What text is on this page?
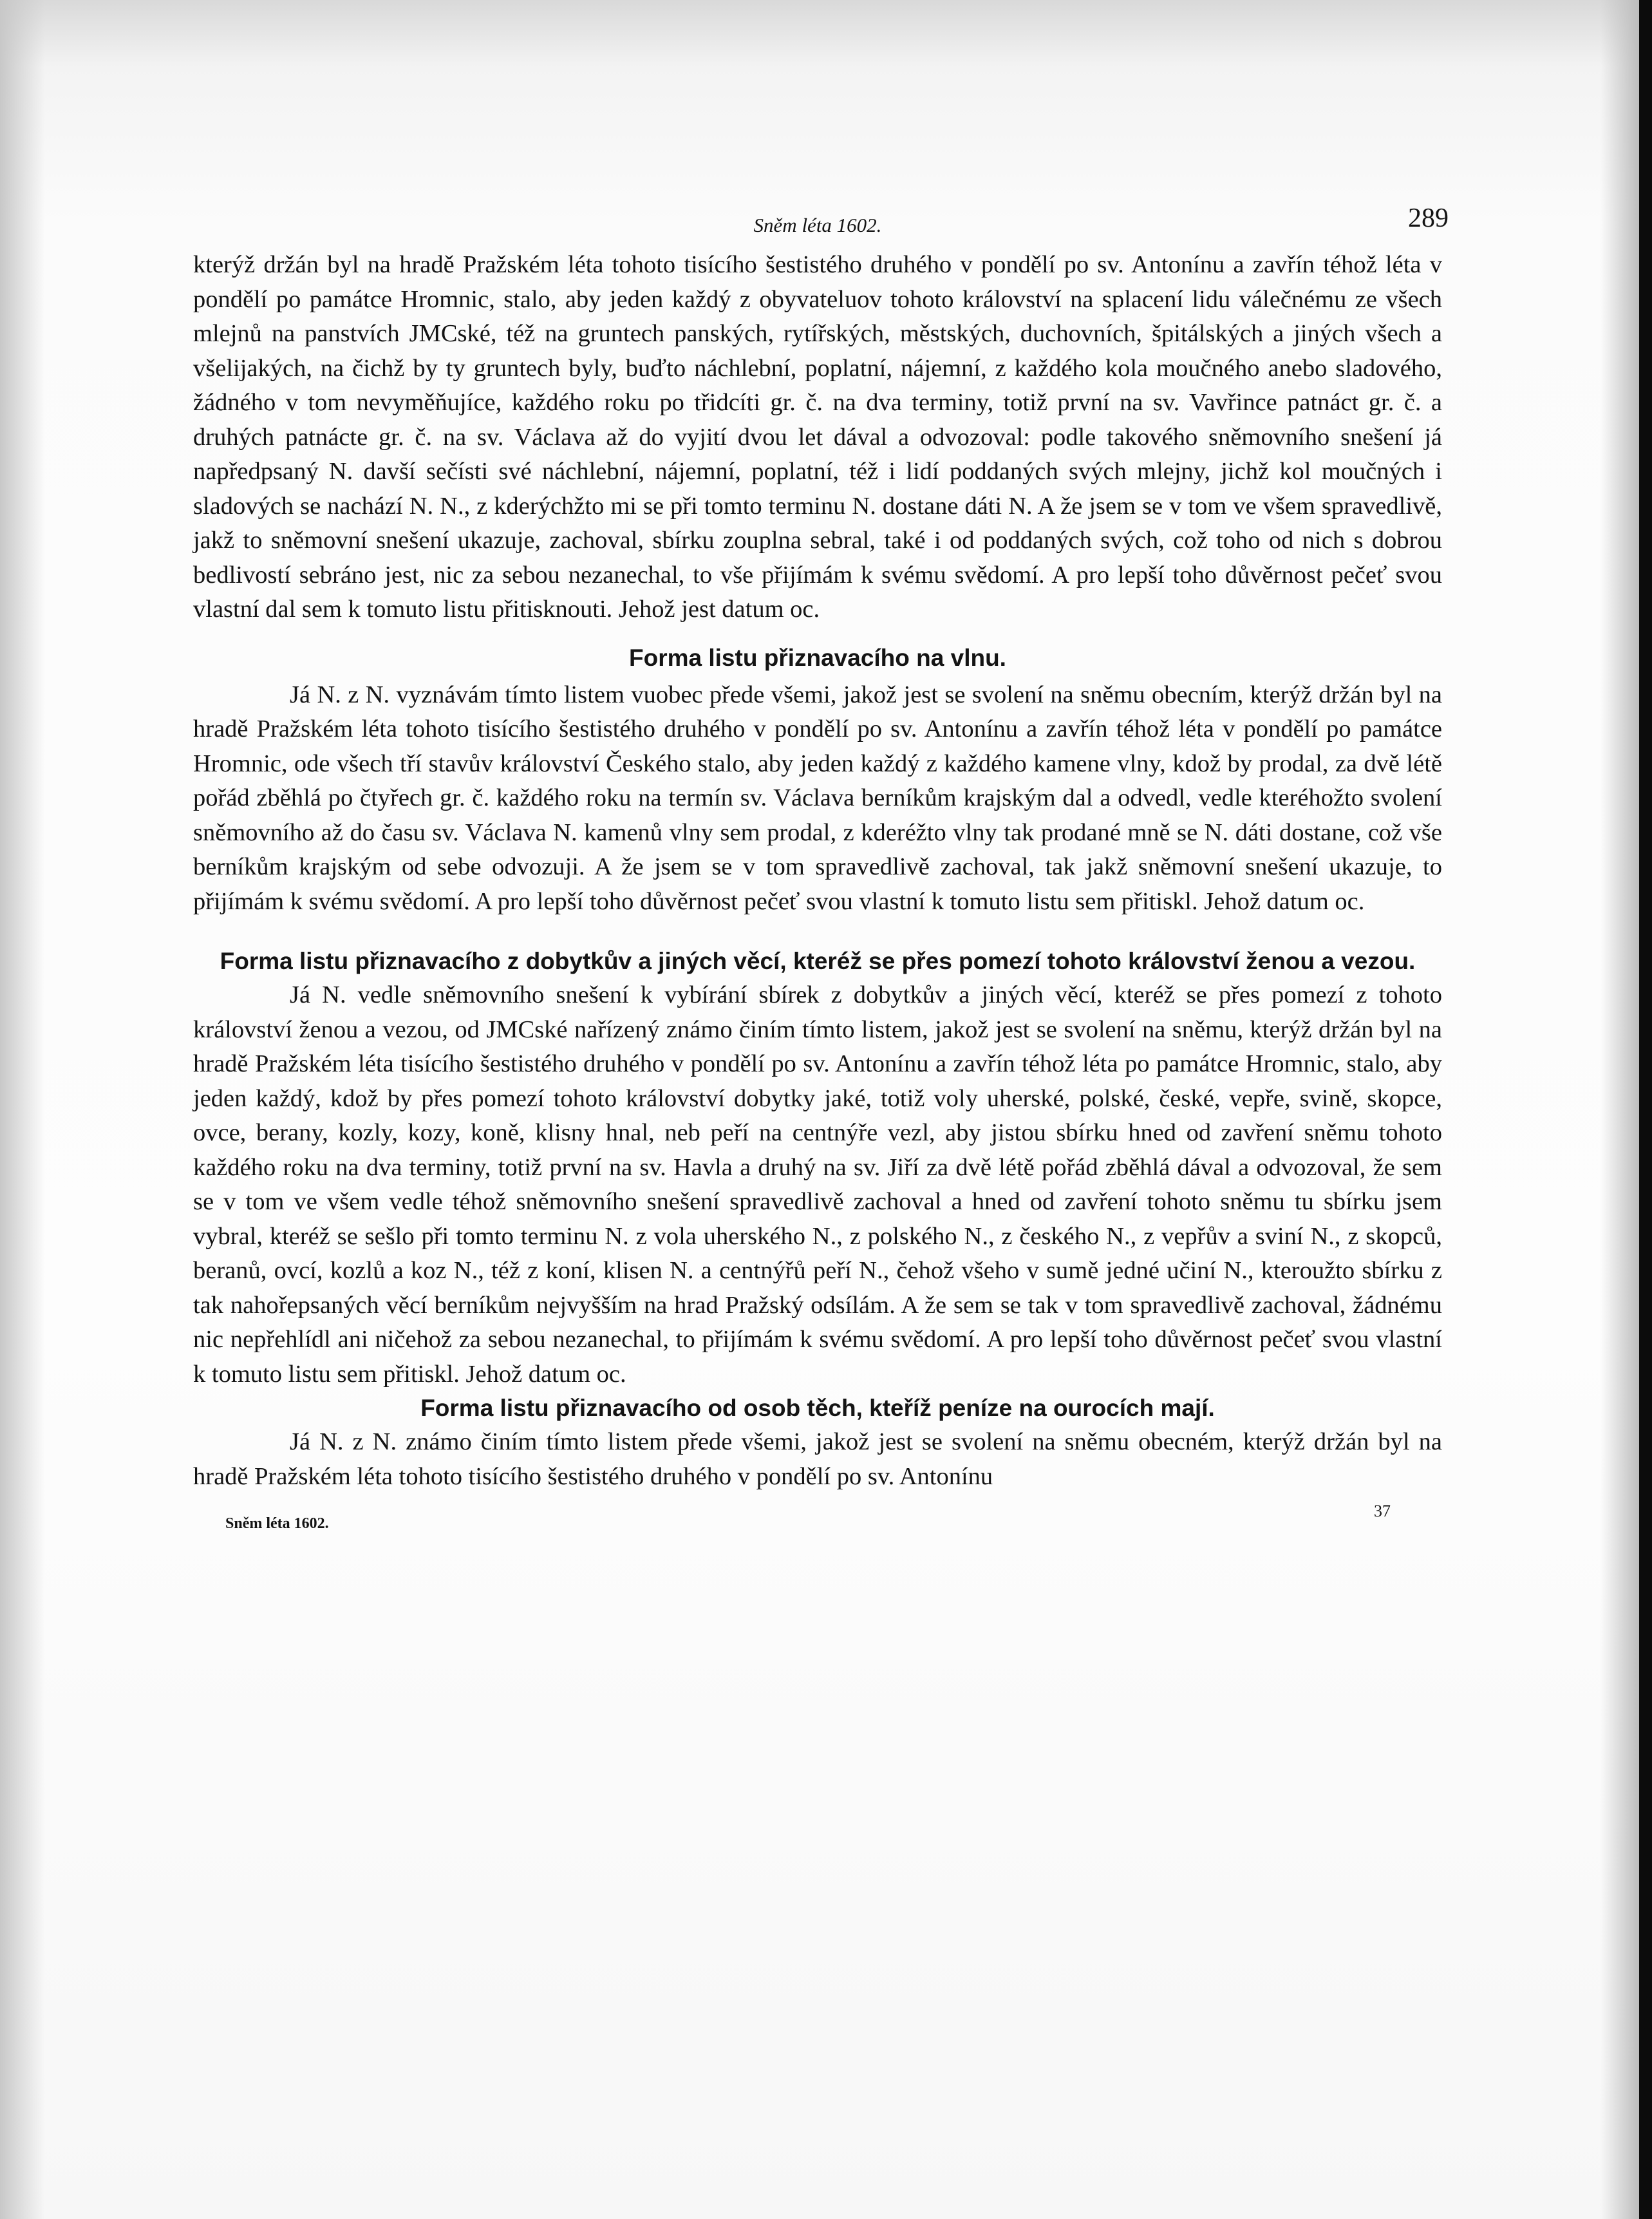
Sněm léta 1602.	289

kterýž držán byl na hradě Pražském léta tohoto tisícího šestistého druhého v pondělí po sv. Antonínu a zavřín téhož léta v pondělí po památce Hromnic, stalo, aby jeden každý z obyvateluov tohoto království na splacení lidu válečnému ze všech mlejnů na panstvích JMCské, též na gruntech panských, rytířských, městských, duchovních, špitálských a jiných všech a všelijakých, na čichž by ty gruntech byly, buďto náchlební, poplatní, nájemní, z každého kola moučného anebo sladového, žádného v tom nevyměňujíce, každého roku po třidcíti gr. č. na dva terminy, totiž první na sv. Vavřince patnáct gr. č. a druhých patnácte gr. č. na sv. Václava až do vyjití dvou let dával a odvozoval: podle takového sněmovního snešení já napředpsaný N. davší sečísti své náchlební, nájemní, poplatní, též i lidí poddaných svých mlejny, jichž kol moučných i sladových se nachází N. N., z kderýchžto mi se při tomto terminu N. dostane dáti N. A že jsem se v tom ve všem spravedlivě, jakž to sněmovní snešení ukazuje, zachoval, sbírku zouplna sebral, také i od poddaných svých, což toho od nich s dobrou bedlivostí sebráno jest, nic za sebou nezanechal, to vše přijímám k svému svědomí. A pro lepší toho důvěrnost pečeť svou vlastní dal sem k tomuto listu přitisknouti. Jehož jest datum oc.

Forma listu přiznavacího na vlnu.

Já N. z N. vyznávám tímto listem vuobec přede všemi, jakož jest se svolení na sněmu obecním, kterýž držán byl na hradě Pražském léta tohoto tisícího šestistého druhého v pondělí po sv. Antonínu a zavřín téhož léta v pondělí po památce Hromnic, ode všech tří stavův království Českého stalo, aby jeden každý z každého kamene vlny, kdož by prodal, za dvě létě pořád zběhlá po čtyřech gr. č. každého roku na termín sv. Václava berníkům krajským dal a odvedl, vedle kteréhožto svolení sněmovního až do času sv. Václava N. kamenů vlny sem prodal, z kderéžto vlny tak prodané mně se N. dáti dostane, což vše berníkům krajským od sebe odvozuji. A že jsem se v tom spravedlivě zachoval, tak jakž sněmovní snešení ukazuje, to přijímám k svému svědomí. A pro lepší toho důvěrnost pečeť svou vlastní k tomuto listu sem přitiskl. Jehož datum oc.

Forma listu přiznavacího z dobytkův a jiných věcí, kteréž se přes pomezí tohoto království ženou a vezou.

Já N. vedle sněmovního snešení k vybírání sbírek z dobytkův a jiných věcí, kteréž se přes pomezí z tohoto království ženou a vezou, od JMCské nařízený známo činím tímto listem, jakož jest se svolení na sněmu, kterýž držán byl na hradě Pražském léta tisícího šestistého druhého v pondělí po sv. Antonínu a zavřín téhož léta po památce Hromnic, stalo, aby jeden každý, kdož by přes pomezí tohoto království dobytky jaké, totiž voly uherské, polské, české, vepře, svině, skopce, ovce, berany, kozly, kozy, koně, klisny hnal, neb peří na centnýře vezl, aby jistou sbírku hned od zavření sněmu tohoto každého roku na dva terminy, totiž první na sv. Havla a druhý na sv. Jiří za dvě létě pořád zběhlá dával a odvozoval, že sem se v tom ve všem vedle téhož sněmovního snešení spravedlivě zachoval a hned od zavření tohoto sněmu tu sbírku jsem vybral, kteréž se sešlo při tomto terminu N. z vola uherského N., z polského N., z českého N., z vepřův a sviní N., z skopců, beranů, ovcí, kozlů a koz N., též z koní, klisen N. a centnýřů peří N., čehož všeho v sumě jedné učiní N., kteroužto sbírku z tak nahořepsaných věcí berníkům nejvyšším na hrad Pražský odsílám. A že sem se tak v tom spravedlivě zachoval, žádnému nic nepřehlídl ani ničehož za sebou nezanechal, to přijímám k svému svědomí. A pro lepší toho důvěrnost pečeť svou vlastní k tomuto listu sem přitiskl. Jehož datum oc.

Forma listu přiznavacího od osob těch, kteříž peníze na ourocích mají.

Já N. z N. známo činím tímto listem přede všemi, jakož jest se svolení na sněmu obecném, kterýž držán byl na hradě Pražském léta tohoto tisícího šestistého druhého v pondělí po sv. Antonínu

Sněm léta 1602.
37
